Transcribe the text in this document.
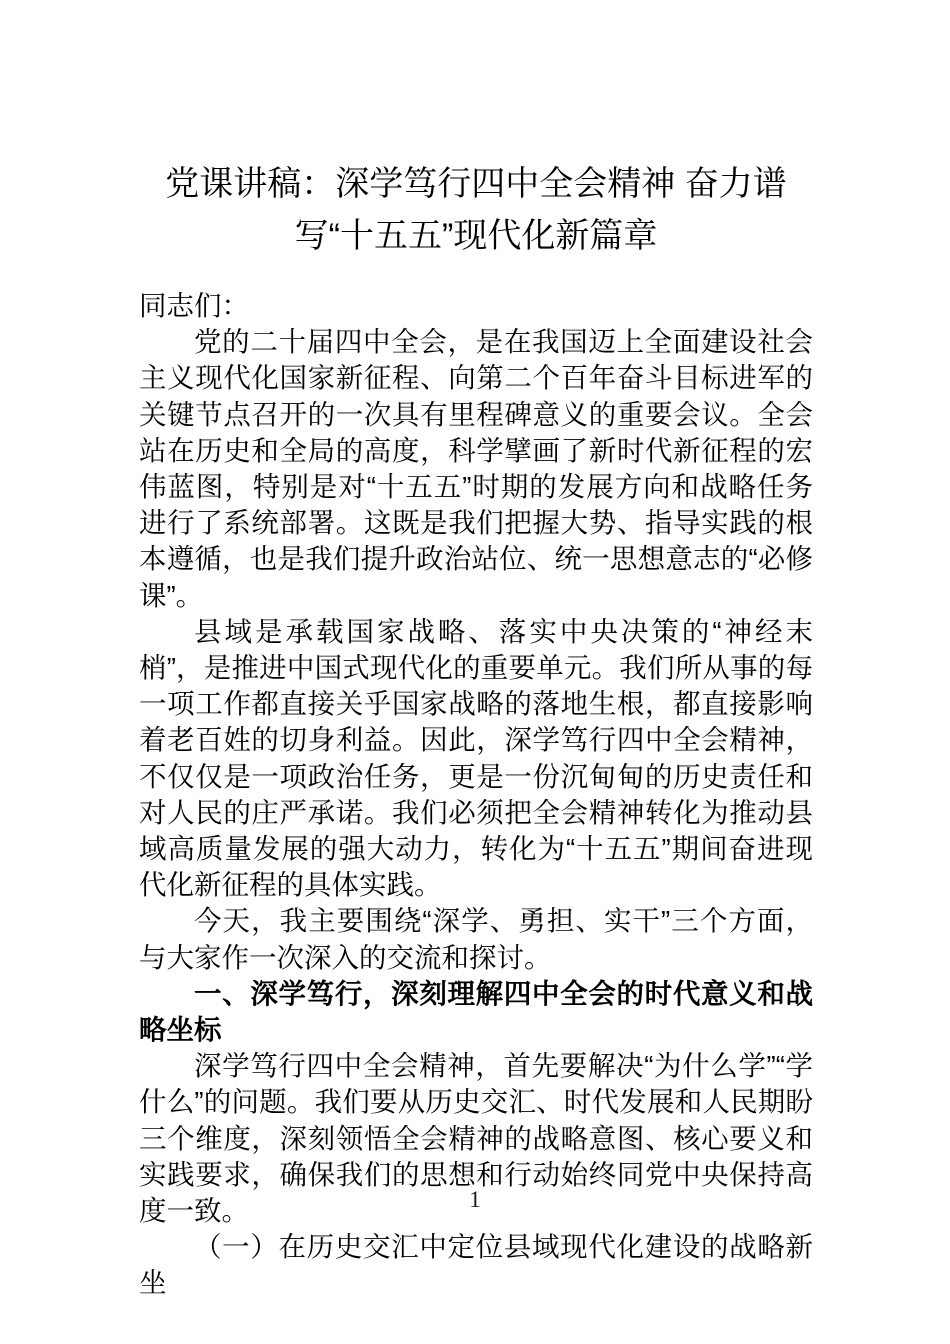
党课讲稿：深学笃行四中全会精神 奋力谱
写“十五五”现代化新篇章

同志们：

党的二十届四中全会，是在我国迈上全面建设社会主义现代化国家新征程、向第二个百年奋斗目标进军的关键节点召开的一次具有里程碑意义的重要会议。全会站在历史和全局的高度，科学擘画了新时代新征程的宏伟蓝图，特别是对“十五五”时期的发展方向和战略任务进行了系统部署。这既是我们把握大势、指导实践的根本遵循，也是我们提升政治站位、统一思想意志的“必修课”。

县域是承载国家战略、落实中央决策的“神经末梢”，是推进中国式现代化的重要单元。我们所从事的每一项工作都直接关乎国家战略的落地生根，都直接影响着老百姓的切身利益。因此，深学笃行四中全会精神，不仅仅是一项政治任务，更是一份沉甸甸的历史责任和对人民的庄严承诺。我们必须把全会精神转化为推动县域高质量发展的强大动力，转化为“十五五”期间奋进现代化新征程的具体实践。

今天，我主要围绕“深学、勇担、实干”三个方面，与大家作一次深入的交流和探讨。

一、深学笃行，深刻理解四中全会的时代意义和战略坐标

深学笃行四中全会精神，首先要解决“为什么学”“学什么”的问题。我们要从历史交汇、时代发展和人民期盼三个维度，深刻领悟全会精神的战略意图、核心要义和实践要求，确保我们的思想和行动始终同党中央保持高度一致。

（一）在历史交汇中定位县域现代化建设的战略新坐

1
